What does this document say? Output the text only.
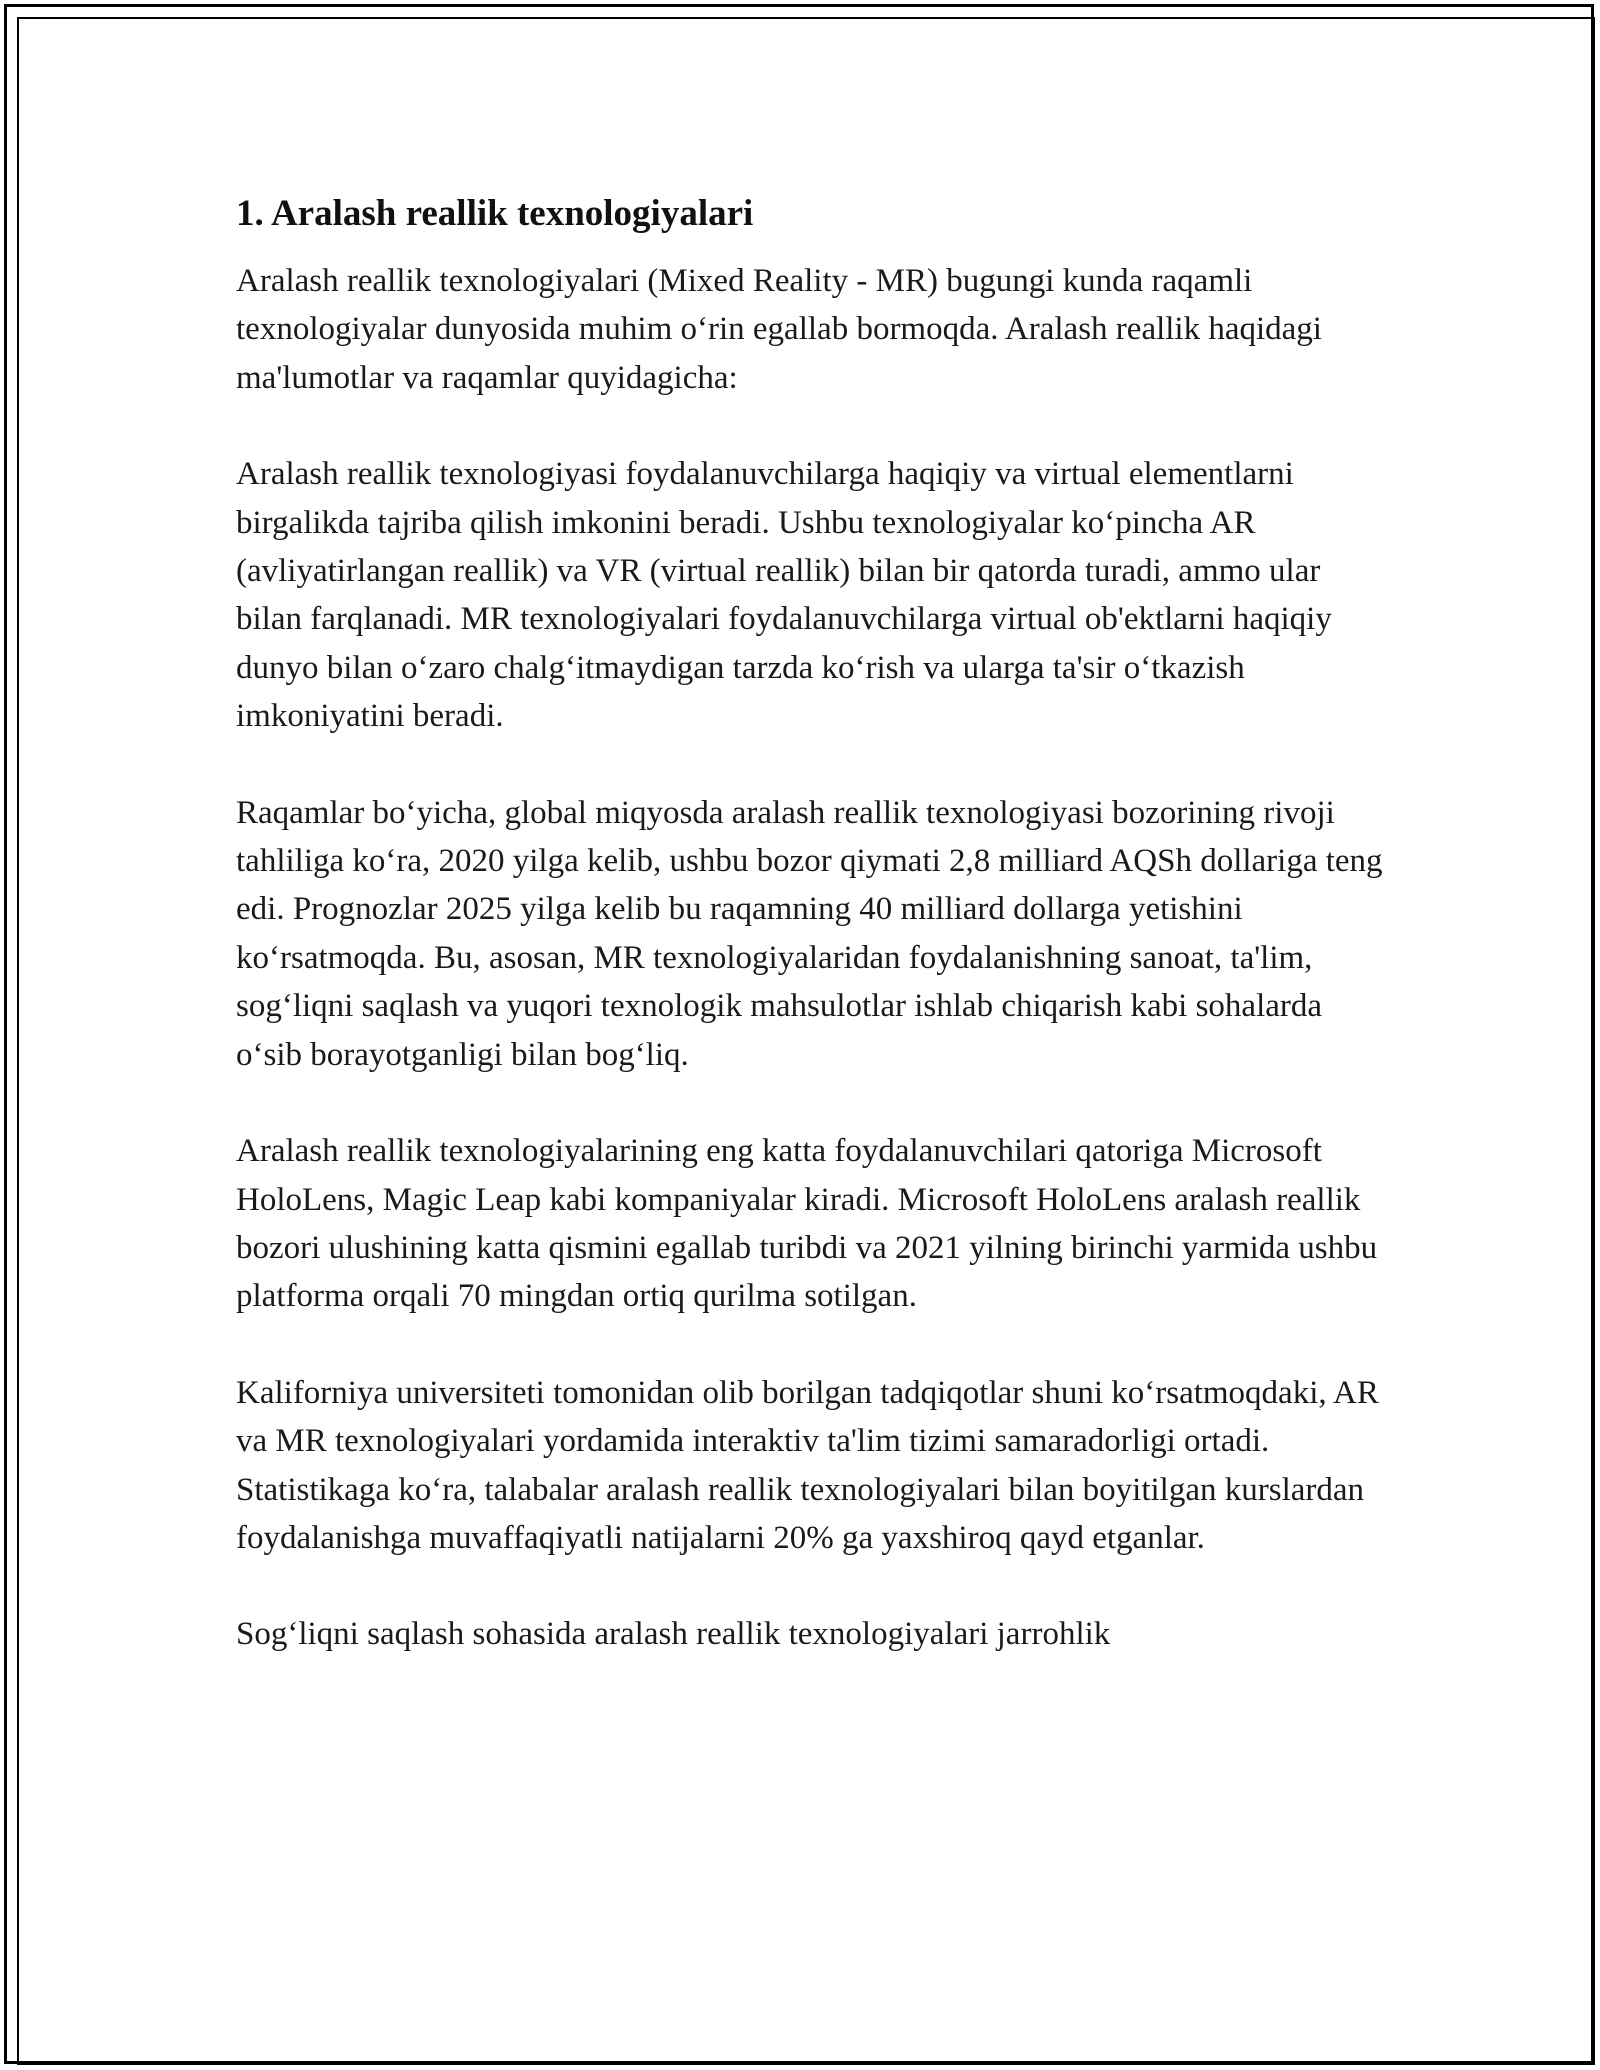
1. Aralash reallik texnologiyalari

Aralash reallik texnologiyalari (Mixed Reality - MR) bugungi kunda raqamli texnologiyalar dunyosida muhim o‘rin egallab bormoqda. Aralash reallik haqidagi ma'lumotlar va raqamlar quyidagicha:

Aralash reallik texnologiyasi foydalanuvchilarga haqiqiy va virtual elementlarni birgalikda tajriba qilish imkonini beradi. Ushbu texnologiyalar ko‘pincha AR (avliyatirlangan reallik) va VR (virtual reallik) bilan bir qatorda turadi, ammo ular bilan farqlanadi. MR texnologiyalari foydalanuvchilarga virtual ob'ektlarni haqiqiy dunyo bilan o‘zaro chalg‘itmaydigan tarzda ko‘rish va ularga ta'sir o‘tkazish imkoniyatini beradi.

Raqamlar bo‘yicha, global miqyosda aralash reallik texnologiyasi bozorining rivoji tahliliga ko‘ra, 2020 yilga kelib, ushbu bozor qiymati 2,8 milliard AQSh dollariga teng edi. Prognozlar 2025 yilga kelib bu raqamning 40 milliard dollarga yetishini ko‘rsatmoqda. Bu, asosan, MR texnologiyalaridan foydalanishning sanoat, ta'lim, sog‘liqni saqlash va yuqori texnologik mahsulotlar ishlab chiqarish kabi sohalarda o‘sib borayotganligi bilan bog‘liq.

Aralash reallik texnologiyalarining eng katta foydalanuvchilari qatoriga Microsoft HoloLens, Magic Leap kabi kompaniyalar kiradi. Microsoft HoloLens aralash reallik bozori ulushining katta qismini egallab turibdi va 2021 yilning birinchi yarmida ushbu platforma orqali 70 mingdan ortiq qurilma sotilgan.

Kaliforniya universiteti tomonidan olib borilgan tadqiqotlar shuni ko‘rsatmoqdaki, AR va MR texnologiyalari yordamida interaktiv ta'lim tizimi samaradorligi ortadi. Statistikaga ko‘ra, talabalar aralash reallik texnologiyalari bilan boyitilgan kurslardan foydalanishga muvaffaqiyatli natijalarni 20% ga yaxshiroq qayd etganlar.

Sog‘liqni saqlash sohasida aralash reallik texnologiyalari jarrohlik
